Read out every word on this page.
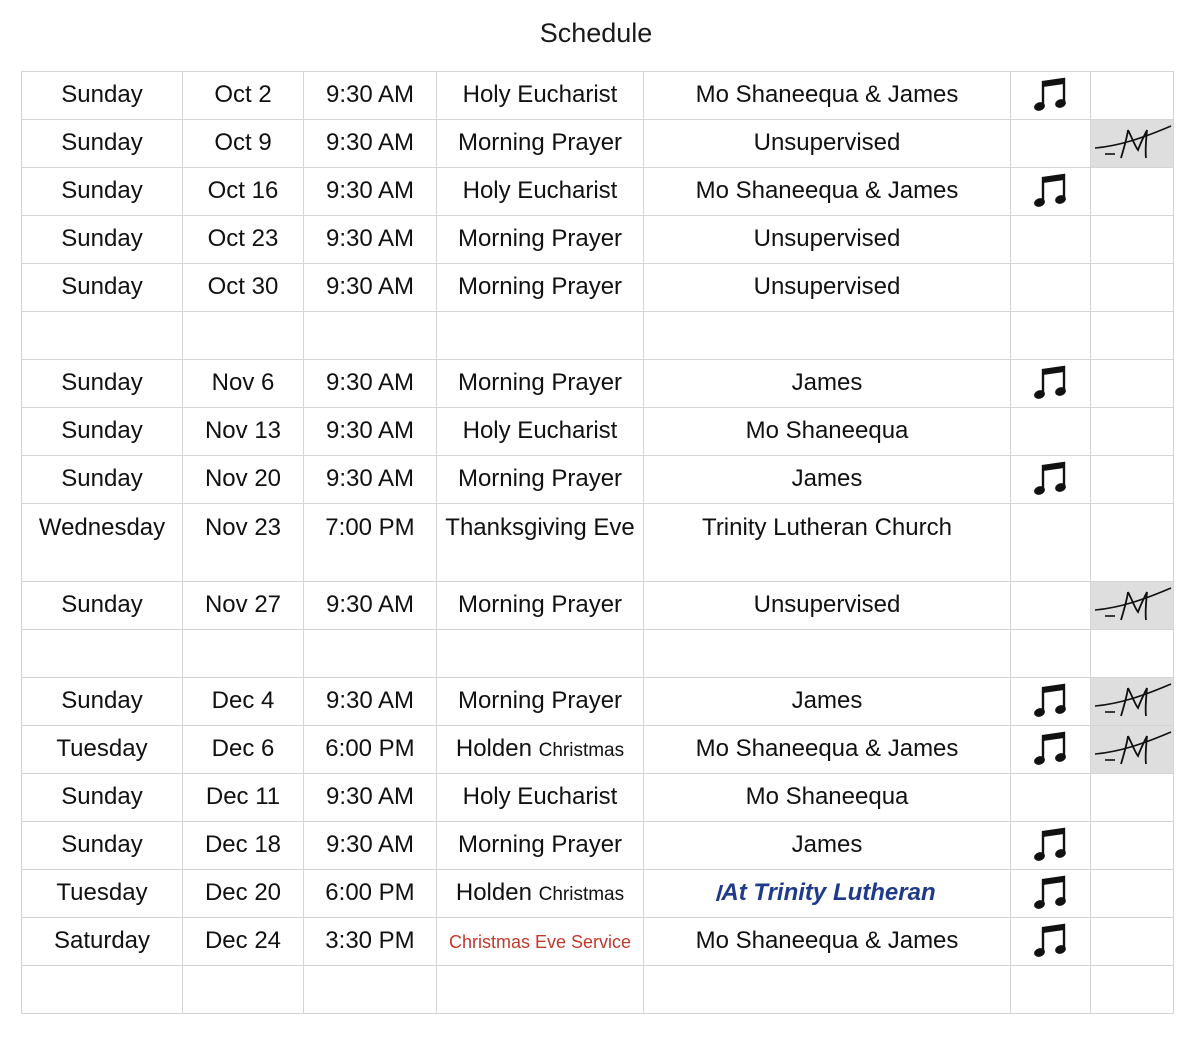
Schedule
Sunday	Oct 2	9:30 AM	Holy Eucharist	Mo Shaneequa & James		
Sunday	Oct 9	9:30 AM	Morning Prayer	Unsupervised		
Sunday	Oct 16	9:30 AM	Holy Eucharist	Mo Shaneequa & James		
Sunday	Oct 23	9:30 AM	Morning Prayer	Unsupervised		
Sunday	Oct 30	9:30 AM	Morning Prayer	Unsupervised		

Sunday	Nov 6	9:30 AM	Morning Prayer	James		
Sunday	Nov 13	9:30 AM	Holy Eucharist	Mo Shaneequa		
Sunday	Nov 20	9:30 AM	Morning Prayer	James		
Wednesday	Nov 23	7:00 PM	Thanksgiving Eve	Trinity Lutheran Church		
Sunday	Nov 27	9:30 AM	Morning Prayer	Unsupervised		

Sunday	Dec 4	9:30 AM	Morning Prayer	James		
Tuesday	Dec 6	6:00 PM	Holden Christmas	Mo Shaneequa & James		
Sunday	Dec 11	9:30 AM	Holy Eucharist	Mo Shaneequa		
Sunday	Dec 18	9:30 AM	Morning Prayer	James		
Tuesday	Dec 20	6:00 PM	Holden Christmas	At Trinity Lutheran		
Saturday	Dec 24	3:30 PM	Christmas Eve Service	Mo Shaneequa & James		
